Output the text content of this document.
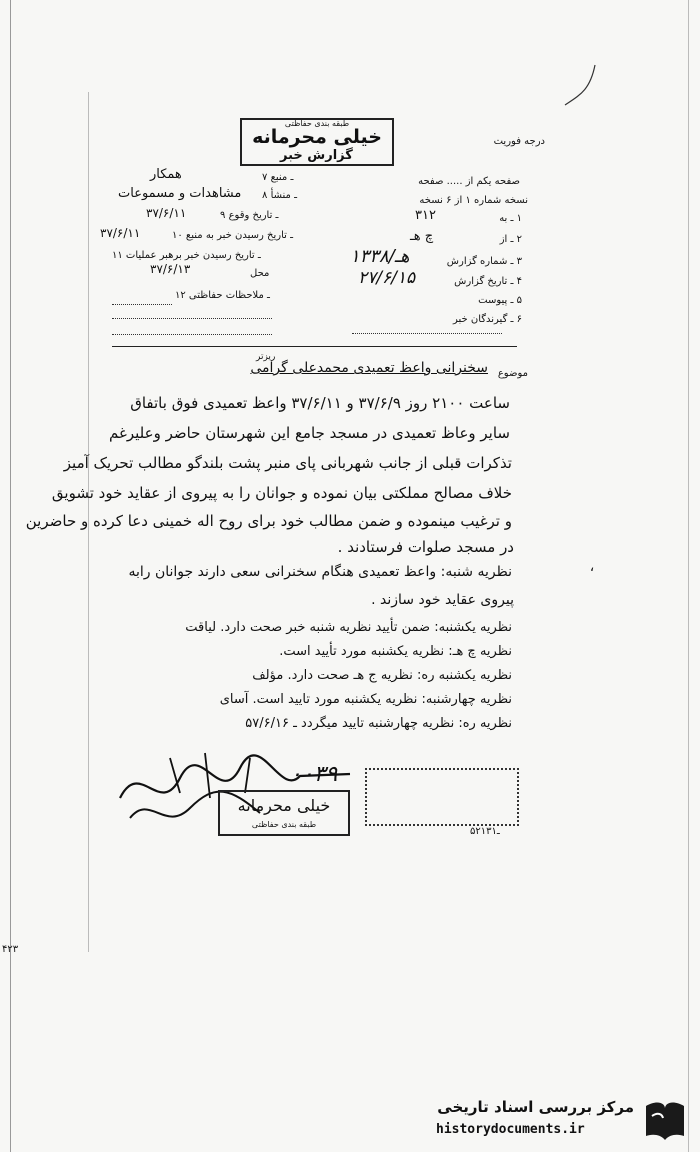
درجه فوریت
طبقه بندی حفاظتی
خیلی محرمانه
گزارش خبر
صفحه یکم از ..... صفحه
نسخه شماره ۱ از ۶ نسخه
۷ ـ منبع
همکار
۸ ـ منشأ
مشاهدات و مسموعات
۹ ـ تاریخ وقوع
۳۷/۶/۱۱
۱۰ ـ تاریخ رسیدن خبر به منبع
۳۷/۶/۱۱
۱۱ ـ تاریخ رسیدن خبر برهبر عملیات
محل
۳۷/۶/۱۳
۱۲ ـ ملاحظات حفاظتی
۱ ـ به
۳۱۲
۲ ـ از
چ هـ
۳ ـ شماره گزارش
۱۳۳۸/هـ
۴ ـ تاریخ گزارش
۲۷/۶/۱۵
۵ ـ پیوست
۶ ـ گیرندگان خبر
موضوع
سخنرانی واعظ تعمیدی محمدعلی گرامی
ریزتر
ساعت ۲۱۰۰ روز ۳۷/۶/۹ و ۳۷/۶/۱۱ واعظ تعمیدی فوق باتفاق
سایر وعاظ تعمیدی در مسجد جامع این شهرستان حاضر وعلیرغم
تذکرات قبلی از جانب شهربانی پای منبر پشت بلندگو مطالب تحریک آمیز
خلاف مصالح مملکتی بیان نموده و جوانان را به پیروی از عقاید خود تشویق
و ترغیب مینموده و ضمن مطالب خود برای روح اله خمینی دعا کرده و حاضرین
در مسجد صلوات فرستادند .
نظریه شنبه: واعظ تعمیدی هنگام سخنرانی سعی دارند جوانان رابه
پیروی عقاید خود سازند .
نظریه یکشنبه: ضمن تأیید نظریه شنبه خبر صحت دارد. لیاقت
نظریه چ هـ: نظریه یکشنبه مورد تأیید است.
نظریه یکشنبه ره: نظریه ج هـ صحت دارد. مؤلف
نظریه چهارشنبه: نظریه یکشنبه مورد تایید است. آسای
نظریه ره: نظریه چهارشنبه تایید میگردد ـ ۵۷/۶/۱۶
۰۰۳۹
خیلی محرمانه
طبقه بندی حفاظتی
۵۲ـ۱۳۱
۴۲۳
‘
مرکز بررسی اسناد تاریخی
historydocuments.ir
